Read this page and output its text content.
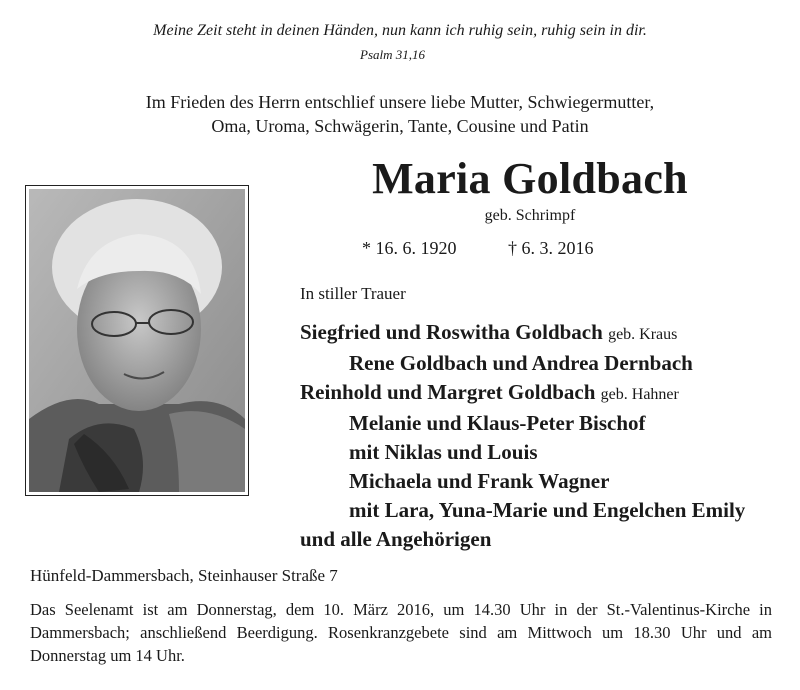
Meine Zeit steht in deinen Händen, nun kann ich ruhig sein, ruhig sein in dir.
Psalm 31,16
Im Frieden des Herrn entschlief unsere liebe Mutter, Schwiegermutter,
Oma, Uroma, Schwägerin, Tante, Cousine und Patin
Maria Goldbach
geb. Schrimpf
* 16. 6. 1920	† 6. 3. 2016
In stiller Trauer
Siegfried und Roswitha Goldbach geb. Kraus
Rene Goldbach und Andrea Dernbach
Reinhold und Margret Goldbach geb. Hahner
Melanie und Klaus-Peter Bischof
mit Niklas und Louis
Michaela und Frank Wagner
mit Lara, Yuna-Marie und Engelchen Emily
und alle Angehörigen
Hünfeld-Dammersbach, Steinhauser Straße 7
Das Seelenamt ist am Donnerstag, dem 10. März 2016, um 14.30 Uhr in der St.-Valentinus-Kirche in Dammersbach; anschließend Beerdigung. Rosenkranzgebete sind am Mittwoch um 18.30 Uhr und am Donnerstag um 14 Uhr.
